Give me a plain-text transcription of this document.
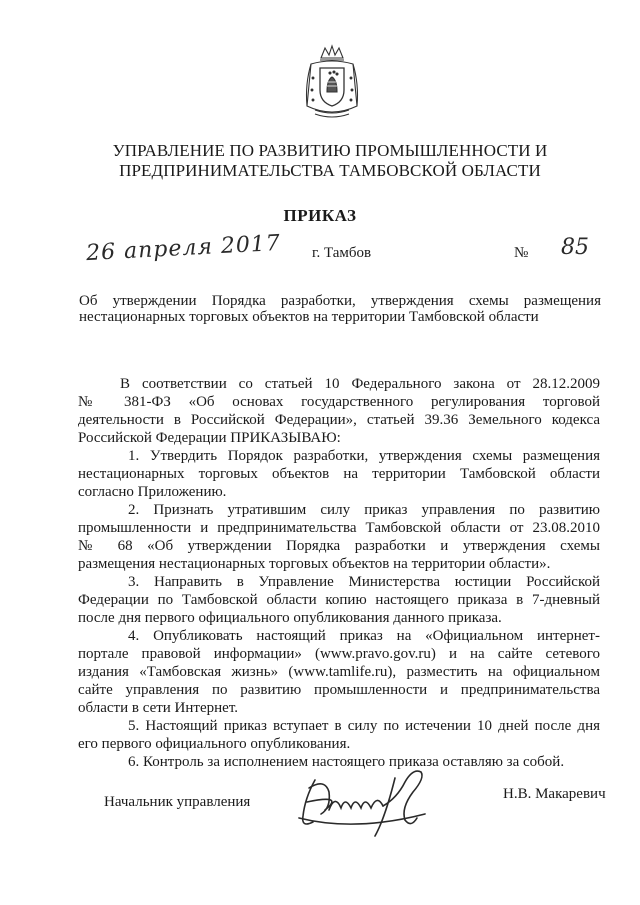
УПРАВЛЕНИЕ ПО РАЗВИТИЮ ПРОМЫШЛЕННОСТИ И
ПРЕДПРИНИМАТЕЛЬСТВА ТАМБОВСКОЙ ОБЛАСТИ
ПРИКАЗ
26 апреля 2017 г. Тамбов	№ 85
Об утверждении Порядка разработки, утверждения схемы размещения
нестационарных торговых объектов на территории Тамбовской области
В соответствии со статьей 10 Федерального закона от 28.12.2009
№ 381-ФЗ «Об основах государственного регулирования торговой
деятельности в Российской Федерации», статьей 39.36 Земельного кодекса
Российской Федерации ПРИКАЗЫВАЮ:
1. Утвердить Порядок разработки, утверждения схемы размещения
нестационарных торговых объектов на территории Тамбовской области
согласно Приложению.
2. Признать утратившим силу приказ управления по развитию
промышленности и предпринимательства Тамбовской области от 23.08.2010
№ 68 «Об утверждении Порядка разработки и утверждения схемы
размещения нестационарных торговых объектов на территории области».
3. Направить в Управление Министерства юстиции Российской
Федерации по Тамбовской области копию настоящего приказа в 7-дневный
после дня первого официального опубликования данного приказа.
4. Опубликовать настоящий приказ на «Официальном интернет-
портале правовой информации» (www.pravo.gov.ru) и на сайте сетевого
издания «Тамбовская жизнь» (www.tamlife.ru), разместить на официальном
сайте управления по развитию промышленности и предпринимательства
области в сети Интернет.
5. Настоящий приказ вступает в силу по истечении 10 дней после дня
его первого официального опубликования.
6. Контроль за исполнением настоящего приказа оставляю за собой.
Начальник управления	Н.В. Макаревич
